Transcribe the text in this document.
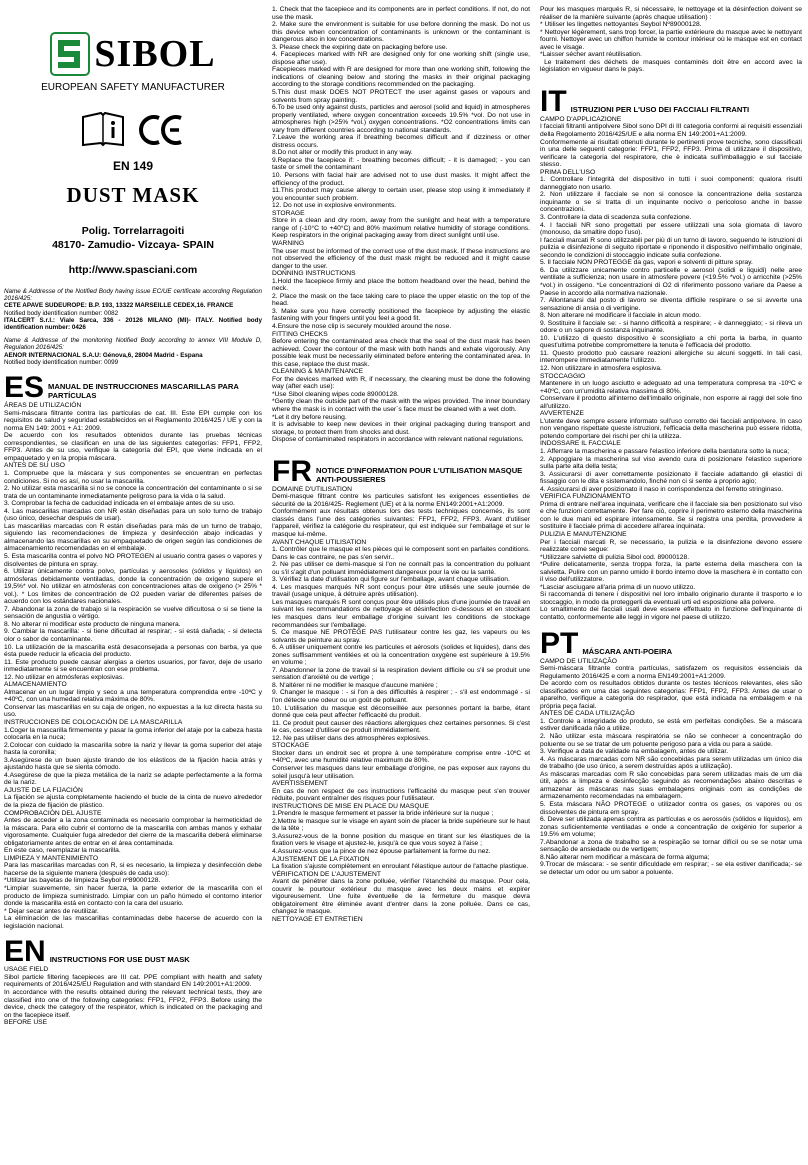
SIBOL
EUROPEAN SAFETY MANUFACTURER
EN 149
DUST MASK
Polig. Torrelarragoiti
48170- Zamudio- Vizcaya- SPAIN
http://www.spasciani.com

Name & Addresse of the Notified Body having issue EC/UE certificate according Regulation 2016/425:

CETE APAVE SUDEUROPE: B.P. 193, 13322 MARSEILLE CEDEX,16. FRANCE

Notified body identification number: 0082

ITALCERT S.r.l.: Viale Sarca, 336 - 20126 MILANO (MI)- ITALY. Notified body identification number: 0426

Name & Addresse of the monitoring Notified Body according to annex VIII Module D, Regulation 2016/425:

AENOR INTERNACIONAL S.A.U: Génova,6, 28004 Madrid - Espana

Notified body identification number: 0099

ES MANUAL DE INSTRUCCIONES MASCARILLAS PARA PARTÍCULAS

ÁREAS DE UTILIZACIÓN
Semi-máscara filtrante contra las partículas de cat. III. Este EPI cumple con los requisitos de salud y seguridad establecidos en el Reglamento 2016/425 / UE y con la norma EN 149: 2001 + A1: 2009.
De acuerdo con los resultados obtenidos durante las pruebas técnicas correspondientes, se clasifican en una de las siguientes categorías: FFP1, FFP2, FFP3. Antes de su uso, verifique la categoría del EPI, que viene indicada en el empaquetado y en la propia máscara.
ANTES DE SU USO
1. Compruebe que la máscara y sus componentes se encuentran en perfectas condiciones. Si no es así, no usar la mascarilla.
2. No utilizar esta mascarilla si no se conoce la concentración del contaminante o si se trata de un contaminante inmediatamente peligroso para la vida o la salud.
3. Comprobar la fecha de caducidad indicada en el embalaje antes de su uso.
4. Las mascarillas marcadas con NR están diseñadas para un solo turno de trabajo (uso único, desechar después de usar).
Las mascarillas marcadas con R están diseñadas para más de un turno de trabajo, siguiendo las recomendaciones de limpieza y desinfección abajo indicadas y almacenando las mascarillas en su empaquetado de origen según las condiciones de almacenamiento recomendadas en el embalaje.
5. Esta mascarilla contra el polvo NO PROTEGEN al usuario contra gases o vapores y disolventes de pintura en spray.
6. Utilizar únicamente contra polvo, partículas y aerosoles (sólidos y líquidos) en atmósferas debidamente ventiladas, donde la concentración de oxígeno supere el 19,5%* vol. No utilizar en atmósferas con concentraciones altas de oxígeno (> 25% * vol.). * Los límites de concentración de O2 pueden variar de diferentes países de acuerdo con los estándares nacionales.
7. Abandonar la zona de trabajo si la respiración se vuelve dificultosa o si se tiene la sensación de angustia o vértigo.
8. No alterar ni modificar este producto de ninguna manera.
9. Cambiar la mascarilla: - si tiene dificultad al respirar; - si está dañada; - si detecta olor o sabor de contaminante.
10. La utilización de la mascarilla está desaconsejada a personas con barba, ya que ésta puede reducir la eficacia del producto.
11. Este producto puede causar alergias a ciertos usuarios, por favor, deje de usarlo inmediatamente si se encuentran con ese problema.
12. No utilizar en atmósferas explosivas.
ALMACENAMIENTO
Almacenar en un lugar limpio y seco a una temperatura comprendida entre -10ºC y +40ºC, con una humedad relativa máxima de 80%.
Conservar las mascarillas en su caja de origen, no expuestas a la luz directa hasta su uso.
INSTRUCCIONES DE COLOCACIÓN DE LA MASCARILLA
1.Coger la mascarilla firmemente y pasar la goma inferior del ataje por la cabeza hasta colocarla en la nuca;
2.Colocar con cuidado la mascarilla sobre la nariz y llevar la goma superior del ataje hasta la coronilla;
3.Asegúrese de un buen ajuste tirando de los elásticos de la fijación hacia atrás y ajustando hasta que se sienta cómodo.
4.Asegúrese de que la pieza metálica de la nariz se adapte perfectamente a la forma de la nariz.
AJUSTE DE LA FIJACIÓN
La fijación se ajusta completamente haciendo el bucle de la cinta de nuevo alrededor de la pieza de fijación de plástico.
COMPROBACIÓN DEL AJUSTE
Antes de acceder a la zona contaminada es necesario comprobar la hermeticidad de la máscara. Para ello cubrir el contorno de la mascarilla con ambas manos y exhalar vigorosamente. Cualquier fuga alrededor del cierre de la mascarilla deberá eliminarse obligatoriamente antes de entrar en el área contaminada.
En este caso, reemplazar la mascarilla.
LIMPIEZA Y MANTENIMIENTO
Para las mascarillas marcadas con R, si es necesario, la limpieza y desinfección debe hacerse de la siguiente manera (después de cada uso):
*Utilizar las bayetas de limpieza Seybol nº89000128.
*Limpiar suavemente, sin hacer fuerza, la parte exterior de la mascarilla con el producto de limpieza suministrado. Limpiar con un paño húmedo el contorno interior donde la mascarilla está en contacto con la cara del usuario.
* Dejar secar antes de reutilizar.
La eliminación de las mascarillas contaminadas debe hacerse de acuerdo con la legislación nacional.

EN INSTRUCTIONS FOR USE DUST MASK

USAGE FIELD
Sibol particle filtering facepieces are III cat. PPE compliant with health and safety requirements of 2016/425/EU Regulation and with standard EN 149:2001+A1:2009.
In accordance with the results obtained during the relevant technical tests, they are classified into one of the following categories: FFP1, FFP2, FFP3. Before using the device, check the category of the respirator, which is indicated on the packaging and on the facepiece itself.
BEFORE USE

1. Check that the facepiece and its components are in perfect conditions. If not, do not use the mask.
2. Make sure the environment is suitable for use before donning the mask. Do not us this device when concentration of contaminants is unknown or the contaminant is dangerous also in low concentrations.
3. Please check the expiring date on packaging before use.
4. Facepieces marked with NR are designed only for one working shift (single use, dispose after use).
Facepieces marked with R are designed for more than one working shift, following the indications of cleaning below and storing the masks in their original packaging according to the storage conditions recommended on the packaging.
5.This dust mask DOES NOT PROTECT the user against gases or vapours and solvents from spray painting.
6.To be used only against dusts, particles and aerosol (solid and liquid) in atmospheres properly ventilated, where oxygen concentration exceeds 19.5% *vol. Do not use in atmospheres high (>25% *vol.) oxygen concentrations. *O2 concentrations limits can vary from different countries according to national standards.
7.Leave the working area if breathing becomes difficult and if dizziness or other distress occurs.
8.Do not alter or modify this product in any way.
9.Replace the facepiece if: - breathing becomes difficult; - it is damaged; - you can taste or smell the contaminant
10. Persons with facial hair are advised not to use dust masks. It might affect the efficiency of the product.
11.This product may cause allergy to certain user, please stop using it immediately if you encounter such problem.
12. Do not use in explosive environments.
STORAGE
Store in a clean and dry room, away from the sunlight and heat with a temperature range of (-10°C to +40°C) and 80% maximum relative humidity of storage conditions. Keep respirators in the original packaging away from direct sunlight until use.
WARNING
The user must be informed of the correct use of the dust mask. If these instructions are not observed the efficiency of the dust mask might be reduced and it might cause danger to the user.
DONNING INSTRUCTIONS
1.Hold the facepiece firmly and place the bottom headband over the head, behind the neck.
2. Place the mask on the face taking care to place the upper elastic on the top of the head.
3. Make sure you have correctly positioned the facepiece by adjusting the elastic fastening with your fingers until you feel a good fit.
4.Ensure the nose clip is securely moulded around the nose.
FITTING CHECKS
Before entering the contaminated area check that the seal of the dust mask has been achieved. Cover the contour of the mask with both hands and exhale vigorously. Any possible leak must be necessarily eliminated before entering the contaminated area. In this case, replace the dust mask.
CLEANING & MAINTENANCE
For the devices marked with R, if necessary, the cleaning must be done the following way (after each use):
*Use Sibol cleaning wipes code 89000128.
*Gently clean the outside part of the mask with the wipes provided. The inner boundary where the mask is in contact with the user´s face must be cleaned with a wet cloth.
*Let it dry before reusing.
It is advisable to keep new devices in their original packaging during transport and storage, to protect them from shocks and dust.
Dispose of contaminated respirators in accordance with relevant national regulations.

FR NOTICE D'INFORMATION POUR L'UTILISATION MASQUE ANTI-POUSSIERES

DOMAINE D'UTILISATION
Demi-masque filtrant contre les particules satisfont les exigences essentielles de sécurité de la 2016/425- Reglement (UE) et à la norme EN149:2001+A1:2009.
Conformément aux résultats obtenus lors des tests techniques concernés, ils sont classés dans l'une des catégories suivantes: FFP1, FFP2, FFP3. Avant d'utiliser l'appareil, vérifiez la catégorie du respirateur, qui est indiquée sur l'emballage et sur le masque lui-même.
AVANT CHAQUE UTILISATION
1. Contrôler que le masque et les pièces qui le composent sont en parfaites conditions. Dans le cas contraire, ne pas s'en servir..
2. Ne pas utiliser ce demi-masque si l'on ne connaît pas la concentration du polluant ou s'il s'agit d'un polluant immédiatement dangereux pour la vie ou la santé.
3. Vérifiez la date d'utilisation qui figure sur l'emballage, avant chaque utilisation.
4. Les masques marqués NR sont conçus pour être utilisés une seule journée de travail (usage unique, à détruire après utilisation).
Les masques marqués R sont conçus pour être utilisés plus d'une journée de travail en suivant les recommandations de nettoyage et désinfection ci-dessous et en stockant les masques dans leur emballage d'origine suivant les conditions de stockage recommandées sur l'emballage.
5. Ce masque NE PROTÈGE PAS l'utilisateur contre les gaz, les vapeurs ou les solvants de peinture au spray.
6. A utiliser uniquement contre les particules et aérosols (solides et liquides), dans des zones suffisamment ventilées et où la concentration oxygène est supérieure à 19.5% en volume ;
7. Abandonner la zone de travail si la respiration devient difficile ou s'il se produit une sensation d'anxiété ou de vertige ;
8. N'altérer ni ne modifier le masque d'aucune manière ;
9. Changer le masque : - si l'on a des difficultés à respirer ; - s'il est endommagé - si l'on détecte une odeur ou un goût de polluant.
10. L'utilisation du masque est déconseillée aux personnes portant la barbe, étant donné que cela peut affecter l'efficacité du produit.
11. Ce produit peut causer des réactions allergiques chez certaines personnes. Si c'est le cas, cessez d'utiliser ce produit immédiatement.
12. Ne pas utiliser dans des atmosphères explosives.
STOCKAGE
Stocker dans un endroit sec et propre à une température comprise entre -10ºC et +40ºC, avec une humidité relative maximum de 80%.
Conserver les masques dans leur emballage d'origine, ne pas exposer aux rayons du soleil jusqu'à leur utilisation.
AVERTISSEMENT
En cas de non respect de ces instructions l'efficacité du masque peut s'en trouver réduite, pouvant entraîner des risques pour l'utilisateur.
INSTRUCTIONS DE MISE EN PLACE DU MASQUE
1.Prendre le masque fermement et passer la bride inférieure sur la nuque ;
2.Mettre le masque sur le visage en ayant soin de placer la bride supérieure sur le haut de la tête ;
3.Assurez-vous de la bonne position du masque en tirant sur les élastiques de la fixation vers le visage et ajustez-le, jusqu'à ce que vous soyez à l'aise ;
4.Assurez-vous que la pince de nez épouse parfaitement la forme du nez.
AJUSTEMENT DE LA FIXATION
La fixation s'ajuste complètement en enroulant l'élastique autour de l'attache plastique.
VÉRIFICATION DE L'AJUSTEMENT
Avant de pénétrer dans la zone polluée, vérifier l'étanchéité du masque. Pour cela, couvrir le pourtour extérieur du masque avec les deux mains et expirer vigoureusement. Une fuite éventuelle de la fermeture du masque devra obligatoirement être éliminée avant d'entrer dans la zone polluée. Dans ce cas, changez le masque.
NETTOYAGE ET ENTRETIEN

Pour les masques marqués R, si nécessaire, le nettoyage et la désinfection doivent se réaliser de la manière suivante (après chaque utilisation) :
* Utiliser les lingettes nettoyantes Seybol Nº89000128.
* Nettoyer légèrement, sans trop forcer, la partie extérieure du masque avec le nettoyant fourni. Nettoyer avec un chiffon humide le contour intérieur où le masque est en contact avec le visage.
*Laisser sécher avant réutilisation.
Le traitement des déchets de masques contaminés doit être en accord avec la législation en vigueur dans le pays.

IT ISTRUZIONI PER L'USO DEI FACCIALI FILTRANTI

CAMPO D'APPLICAZIONE
I facciali filtranti antipolvere Sibol sono DPI di III categoria conformi ai requisiti essenziali della Regolamento 2016/425/UE e alla norma EN 149:2001+A1:2009.
Conformemente ai risultati ottenuti durante le pertinenti prove tecniche, sono classificati in una delle seguenti categorie: FFP1, FFP2, FFP3. Prima di utilizzare il dispositivo, verificare la categoria del respiratore, che è indicata sull'imballaggio e sul facciale stesso.
PRIMA DELL'USO
1. Controllare l'integrità del dispositivo in tutti i suoi componenti: qualora risulti danneggiato non usarlo.
2. Non utilizzare il facciale se non si conosce la concentrazione della sostanza inquinante o se si tratta di un inquinante nocivo o pericoloso anche in basse concentrazioni.
3. Controllare la data di scadenza sulla confezione.
4. I facciali NR sono progettati per essere utilizzati una sola giornata di lavoro (monouso, da smaltire dopo l'uso).
I facciali marcati R sono utilizzabili per più di un turno di lavoro, seguendo le istruzioni di pulizia e disinfezione di seguito riportate e riponendo il dispositivo nell'imballo originale, secondo le condizioni di stoccaggio indicate sulla confezione.
5. Il facciale NON PROTEGGE da gas, vapori e solventi di pitture spray.
6. Da utilizzare unicamente contro particelle e aerosol (solidi e liquidi) nelle aree ventilate a sufficienza; non usare in atmosfere povere (<19.5% *vol.) o arricchite (>25% *vol.) in ossigeno. *Le concentrazioni di O2 di riferimento possono variare da Paese a Paese in accordo alla normativa nazionale.
7. Allontanarsi dal posto di lavoro se diventa difficile respirare o se si avverte una sensazione di ansia o di vertigine.
8. Non alterare né modificare il facciale in alcun modo.
9. Sostituire il facciale se: - si hanno difficoltà a respirare; - è danneggiato; - si rileva un odore o un sapore di sostanza inquinante.
10. L'utilizzo di questo dispositivo è sconsigliato a chi porta la barba, in quanto quest'ultima potrebbe compromettere la tenuta e l'efficacia del prodotto.
11. Questo prodotto può causare reazioni allergiche su alcuni soggetti. In tali casi, interrompere immediatamente l'utilizzo.
12. Non utilizzare in atmosfera esplosiva.
STOCCAGGIO
Mantenere in un luogo asciutto e adeguato ad una temperatura compresa tra -10ºC e +40ºC, con un'umidità relativa massima di 80%.
Conservare il prodotto all'interno dell'imballo originale, non esporre ai raggi del sole fino all'utilizzo.
AVVERTENZE
L'utente deve sempre essere informato sull'uso corretto dei facciali antipolvere. In caso non vengano rispettate queste istruzioni, l'efficacia della mascherina può essere ridotta, potendo comportare dei rischi per chi la utilizza.
INDOSSARE IL FACCIALE
1. Afferrare la mascherina e passare l'elastico inferiore della bardatura sotto la nuca;
2. Appoggiare la mascherina sul viso avendo cura di posizionare l'elastico superiore sulla parte alta della testa;
3. Assicurarsi di aver correttamente posizionato il facciale adattando gli elastici di fissaggio con le dita e sistemandolo, finché non ci si sente a proprio agio;
4. Assicurarsi di aver posizionato il naso in corrispondenza del ferretto stringinaso.
VERIFICA FUNZIONAMENTO
Prima di entrare nell'area inquinata, verificare che il facciale sia ben posizionato sul viso e che funzioni correttamente. Per fare ciò, coprire il perimetro esterno della mascherina con le due mani ed espirare intensamente. Se si registra una perdita, provvedere a sostituire il facciale prima di accedere all'area inquinata.
PULIZIA E MANUTENZIONE
Per i facciali marcati R, se necessario, la pulizia e la disinfezione devono essere realizzate come segue:
*Utilizzare salviette di pulizia Sibol cod. 89000128.
*Pulire delicatamente, senza troppa forza, la parte esterna della maschera con la salvietta. Pulire con un panno umido il bordo interno dove la maschera è in contatto con il viso dell'utilizzatore.
*Lasciar asciugare all'aria prima di un nuovo utilizzo.
Si raccomanda di tenere i dispositivi nel loro imballo originario durante il trasporto e lo stoccaggio, in modo da proteggerli da eventuali urti ed esposizione alla polvere.
Lo smaltimento dei facciali usati deve essere effettuato in funzione dell'inquinante di contatto, conformemente alle leggi in vigore nel paese di utilizzo.

PT MÁSCARA ANTI-POEIRA

CAMPO DE UTILIZAÇÃO
Semi-máscara filtrante contra partículas, satisfazem os requisitos essenciais da Regulamento 2016/425 e com a norma EN149:2001+A1:2009.
De acordo com os resultados obtidos durante os testes técnicos relevantes, eles são classificados em uma das seguintes categorias: FFP1, FFP2, FFP3. Antes de usar o aparelho, verifique a categoria do respirador, que está indicada na embalagem e na própria peça facial.
ANTES DE CADA UTILIZAÇÃO
1. Controle a integridade do produto, se está em perfeitas condições. Se a máscara estiver danificada não a utilize.
2. Não utilizar esta máscara respiratória se não se conhecer a concentração do poluente ou se se tratar de um poluente perigoso para a vida ou para a saúde.
3. Verifique a data de validade na embalagem, antes de utilizar.
4. As máscaras marcadas com NR são concebidas para serem utilizadas um único dia de trabalho (de uso único, a serem destruídas após a utilização).
As máscaras marcadas com R são concebidas para serem utilizadas mais de um dia útil, após a limpeza e desinfecção seguindo as recomendações abaixo descritas e armazenar as máscaras nas suas embalagens originais com as condições de armazenamento recomendadas na embalagem.
5. Esta máscara NÃO PROTEGE o utilizador contra os gases, os vapores ou os dissolventes de pintura em spray.
6. Deve ser utilizada apenas contra as partículas e os aerossóis (sólidos e líquidos), em zonas suficientemente ventiladas e onde a concentração de oxigénio for superior a 19.5% em volume;
7.Abandonar a zona de trabalho se a respiração se tornar difícil ou se se notar uma sensação de ansiedade ou de vertigem;
8.Não alterar nem modificar a máscara de forma alguma;
9.Trocar de máscara: - se sentir dificuldade em respirar; - se ela estiver danificada;- se se detectar um odor ou um sabor a poluente.
